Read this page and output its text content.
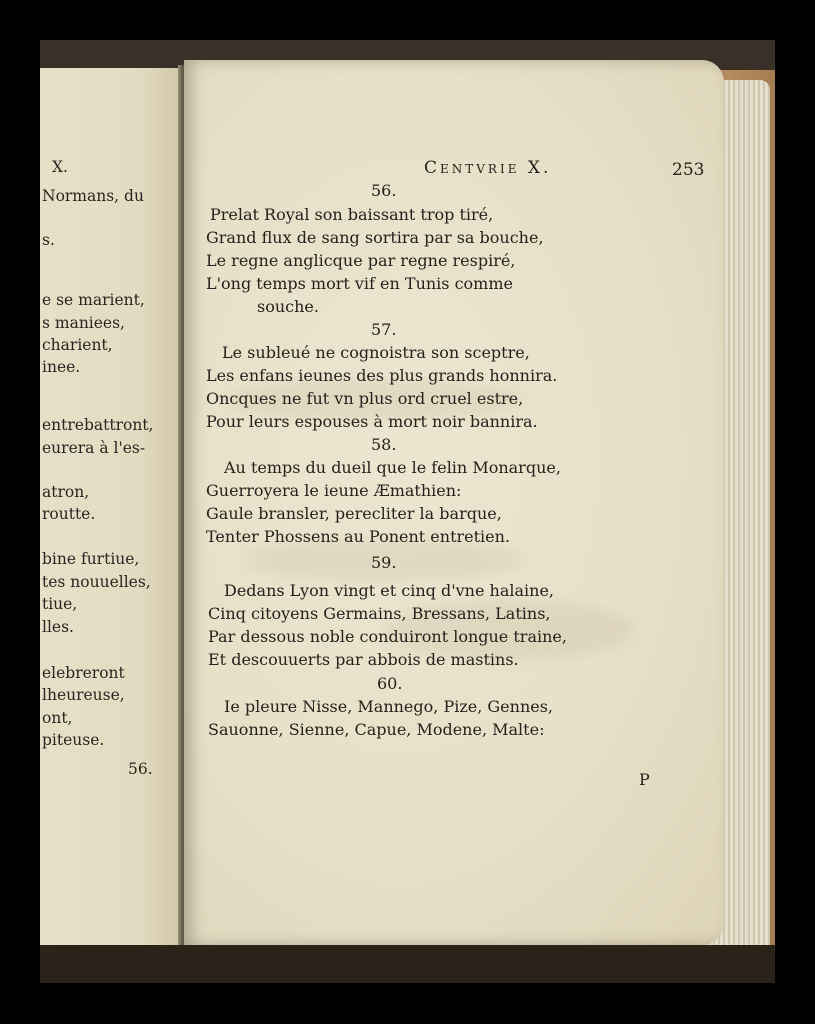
X.
Normans, du
s.
e se marient,
s maniees,
charient,
inee.
entrebattront,
eurera à l'es-
atron,
routte.
bine furtiue,
tes nouuelles,
tiue,
lles.
elebreront
lheureuse,
ont,
piteuse.
56.
Centvrie X.	253
56.
Prelat Royal son baissant trop tiré,
Grand flux de sang sortira par sa bouche,
Le regne anglicque par regne respiré,
L'ong temps mort vif en Tunis comme
souche.
57.
Le subleué ne cognoistra son sceptre,
Les enfans ieunes des plus grands honnira.
Oncques ne fut vn plus ord cruel estre,
Pour leurs espouses à mort noir bannira.
58.
Au temps du dueil que le felin Monarque,
Guerroyera le ieune Æmathien:
Gaule bransler, perecliter la barque,
Tenter Phossens au Ponent entretien.
59.
Dedans Lyon vingt et cinq d'vne halaine,
Cinq citoyens Germains, Bressans, Latins,
Par dessous noble conduiront longue traine,
Et descouuerts par abbois de mastins.
60.
Ie pleure Nisse, Mannego, Pize, Gennes,
Sauonne, Sienne, Capue, Modene, Malte:
P
